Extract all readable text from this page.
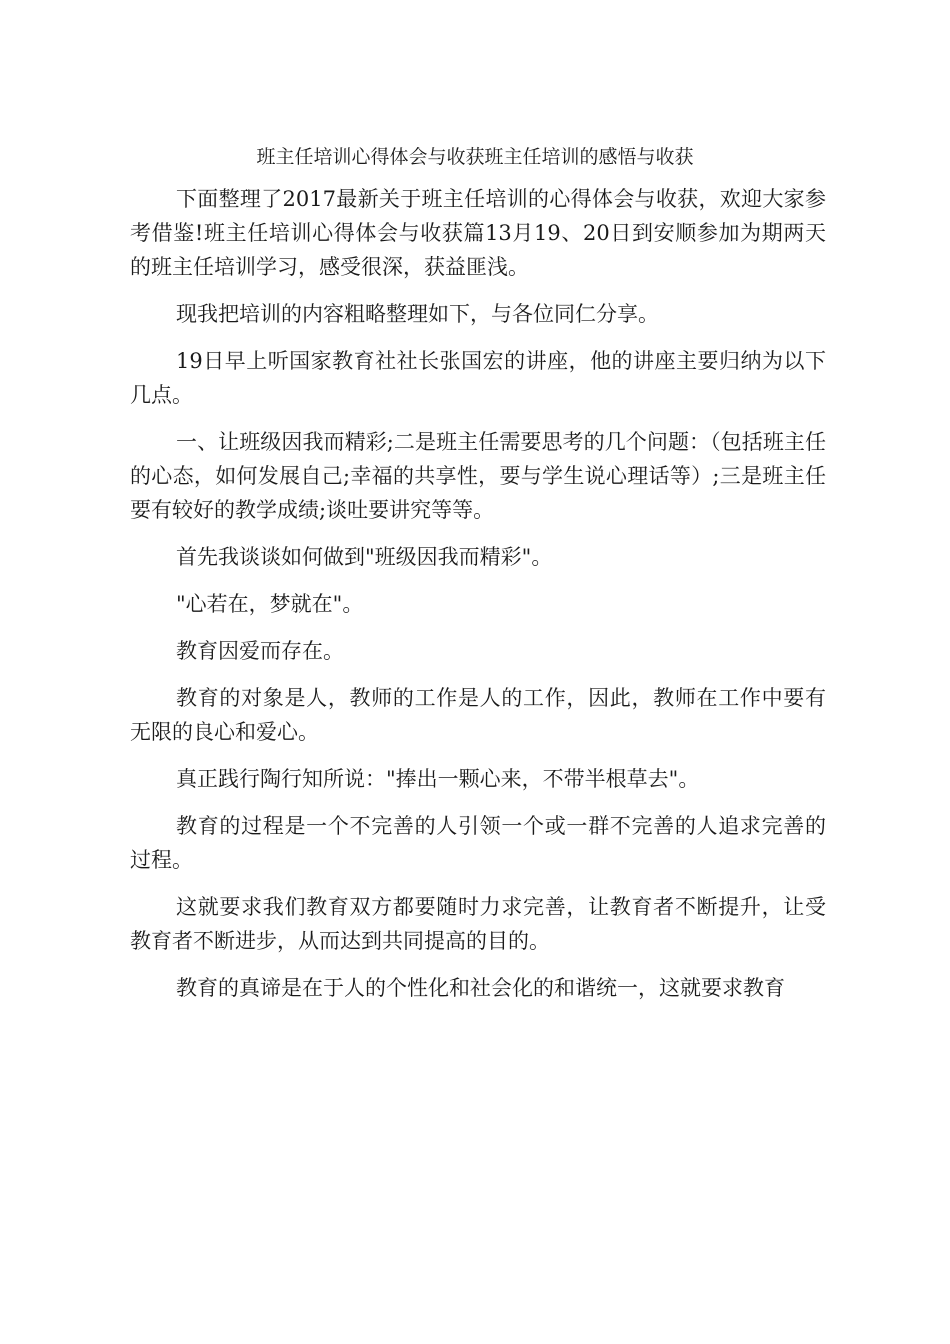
班主任培训心得体会与收获班主任培训的感悟与收获

下面整理了2017最新关于班主任培训的心得体会与收获，欢迎大家参考借鉴!班主任培训心得体会与收获篇13月19、20日到安顺参加为期两天的班主任培训学习，感受很深，获益匪浅。

现我把培训的内容粗略整理如下，与各位同仁分享。

19日早上听国家教育社社长张国宏的讲座，他的讲座主要归纳为以下几点。

一、让班级因我而精彩;二是班主任需要思考的几个问题：（包括班主任的心态，如何发展自己;幸福的共享性，要与学生说心理话等）;三是班主任要有较好的教学成绩;谈吐要讲究等等。

首先我谈谈如何做到"班级因我而精彩"。

"心若在，梦就在"。

教育因爱而存在。

教育的对象是人，教师的工作是人的工作，因此，教师在工作中要有无限的良心和爱心。

真正践行陶行知所说："捧出一颗心来，不带半根草去"。

教育的过程是一个不完善的人引领一个或一群不完善的人追求完善的过程。

这就要求我们教育双方都要随时力求完善，让教育者不断提升，让受教育者不断进步，从而达到共同提高的目的。

教育的真谛是在于人的个性化和社会化的和谐统一，这就要求教育
